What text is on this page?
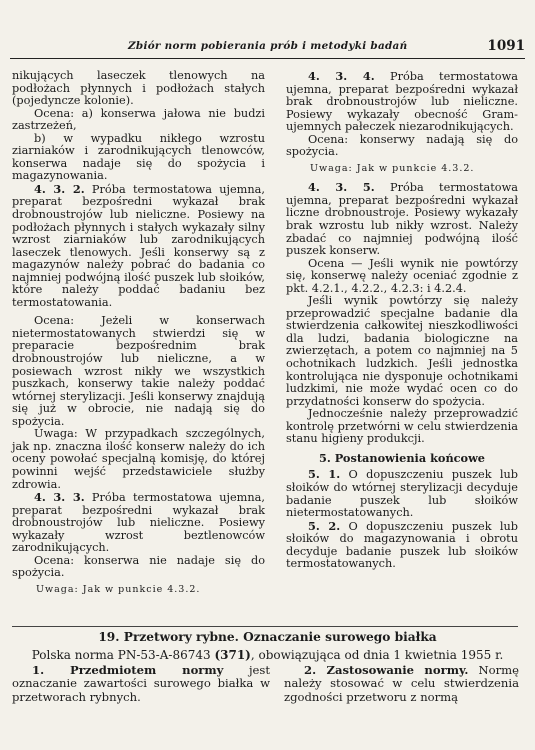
Zbiór norm pobierania prób i metodyki badań	1091

nikujących laseczek tlenowych na podłożach płynnych i podłożach stałych (pojedyncze kolonie).

Ocena: a) konserwa jałowa nie budzi zastrzeżeń,

b) w wypadku nikłego wzrostu ziarniaków i zarodnikujących tlenowców, konserwa nadaje się do spożycia i magazynowania.

4. 3. 2. Próba termostatowa ujemna, preparat bezpośredni wykazał brak drobnoustrojów lub nieliczne. Posiewy na podłożach płynnych i stałych wykazały silny wzrost ziarniaków lub zarodnikujących laseczek tlenowych. Jeśli konserwy są z magazynów należy pobrać do badania co najmniej podwójną ilość puszek lub słoików, które należy poddać badaniu bez termostatowania.

Ocena: Jeżeli w konserwach nietermostatowanych stwierdzi się w preparacie bezpośrednim brak drobnoustrojów lub nieliczne, a w posiewach wzrost nikły we wszystkich puszkach, konserwy takie należy poddać wtórnej sterylizacji. Jeśli konserwy znajdują się już w obrocie, nie nadają się do spożycia.

Uwaga: W przypadkach szczególnych, jak np. znaczna ilość konserw należy do ich oceny powołać specjalną komisję, do której powinni wejść przedstawiciele służby zdrowia.

4. 3. 3. Próba termostatowa ujemna, preparat bezpośredni wykazał brak drobnoustrojów lub nieliczne. Posiewy wykazały wzrost beztlenowców zarodnikujących.

Ocena: konserwa nie nadaje się do spożycia.

Uwaga: Jak w punkcie 4.3.2.

4. 3. 4. Próba termostatowa ujemna, preparat bezpośredni wykazał brak drobnoustrojów lub nieliczne. Posiewy wykazały obecność Gram-ujemnych pałeczek niezarodnikujących.

Ocena: konserwy nadają się do spożycia.

Uwaga: Jak w punkcie 4.3.2.

4. 3. 5. Próba termostatowa ujemna, preparat bezpośredni wykazał liczne drobnoustroje. Posiewy wykazały brak wzrostu lub nikły wzrost. Należy zbadać co najmniej podwójną ilość puszek konserw.

Ocena — Jeśli wynik nie powtórzy się, konserwę należy oceniać zgodnie z pkt. 4.2.1., 4.2.2., 4.2.3: i 4.2.4.

Jeśli wynik powtórzy się należy przeprowadzić specjalne badanie dla stwierdzenia całkowitej nieszkodliwości dla ludzi, badania biologiczne na zwierzętach, a potem co najmniej na 5 ochotnikach ludzkich. Jeśli jednostka kontrolująca nie dysponuje ochotnikami ludzkimi, nie może wydać ocen co do przydatności konserw do spożycia.

Jednocześnie należy przeprowadzić kontrolę przetwórni w celu stwierdzenia stanu higieny produkcji.

5. Postanowienia końcowe

5. 1. O dopuszczeniu puszek lub słoików do wtórnej sterylizacji decyduje badanie puszek lub słoików nietermostatowanych.

5. 2. O dopuszczeniu puszek lub słoików do magazynowania i obrotu decyduje badanie puszek lub słoików termostatowanych.

19. Przetwory rybne. Oznaczanie surowego białka
Polska norma PN-53-A-86743 (371), obowiązująca od dnia 1 kwietnia 1955 r.

1. Przedmiotem normy jest oznaczanie zawartości surowego białka w przetworach rybnych.

2. Zastosowanie normy. Normę należy stosować w celu stwierdzenia zgodności przetworu z normą
